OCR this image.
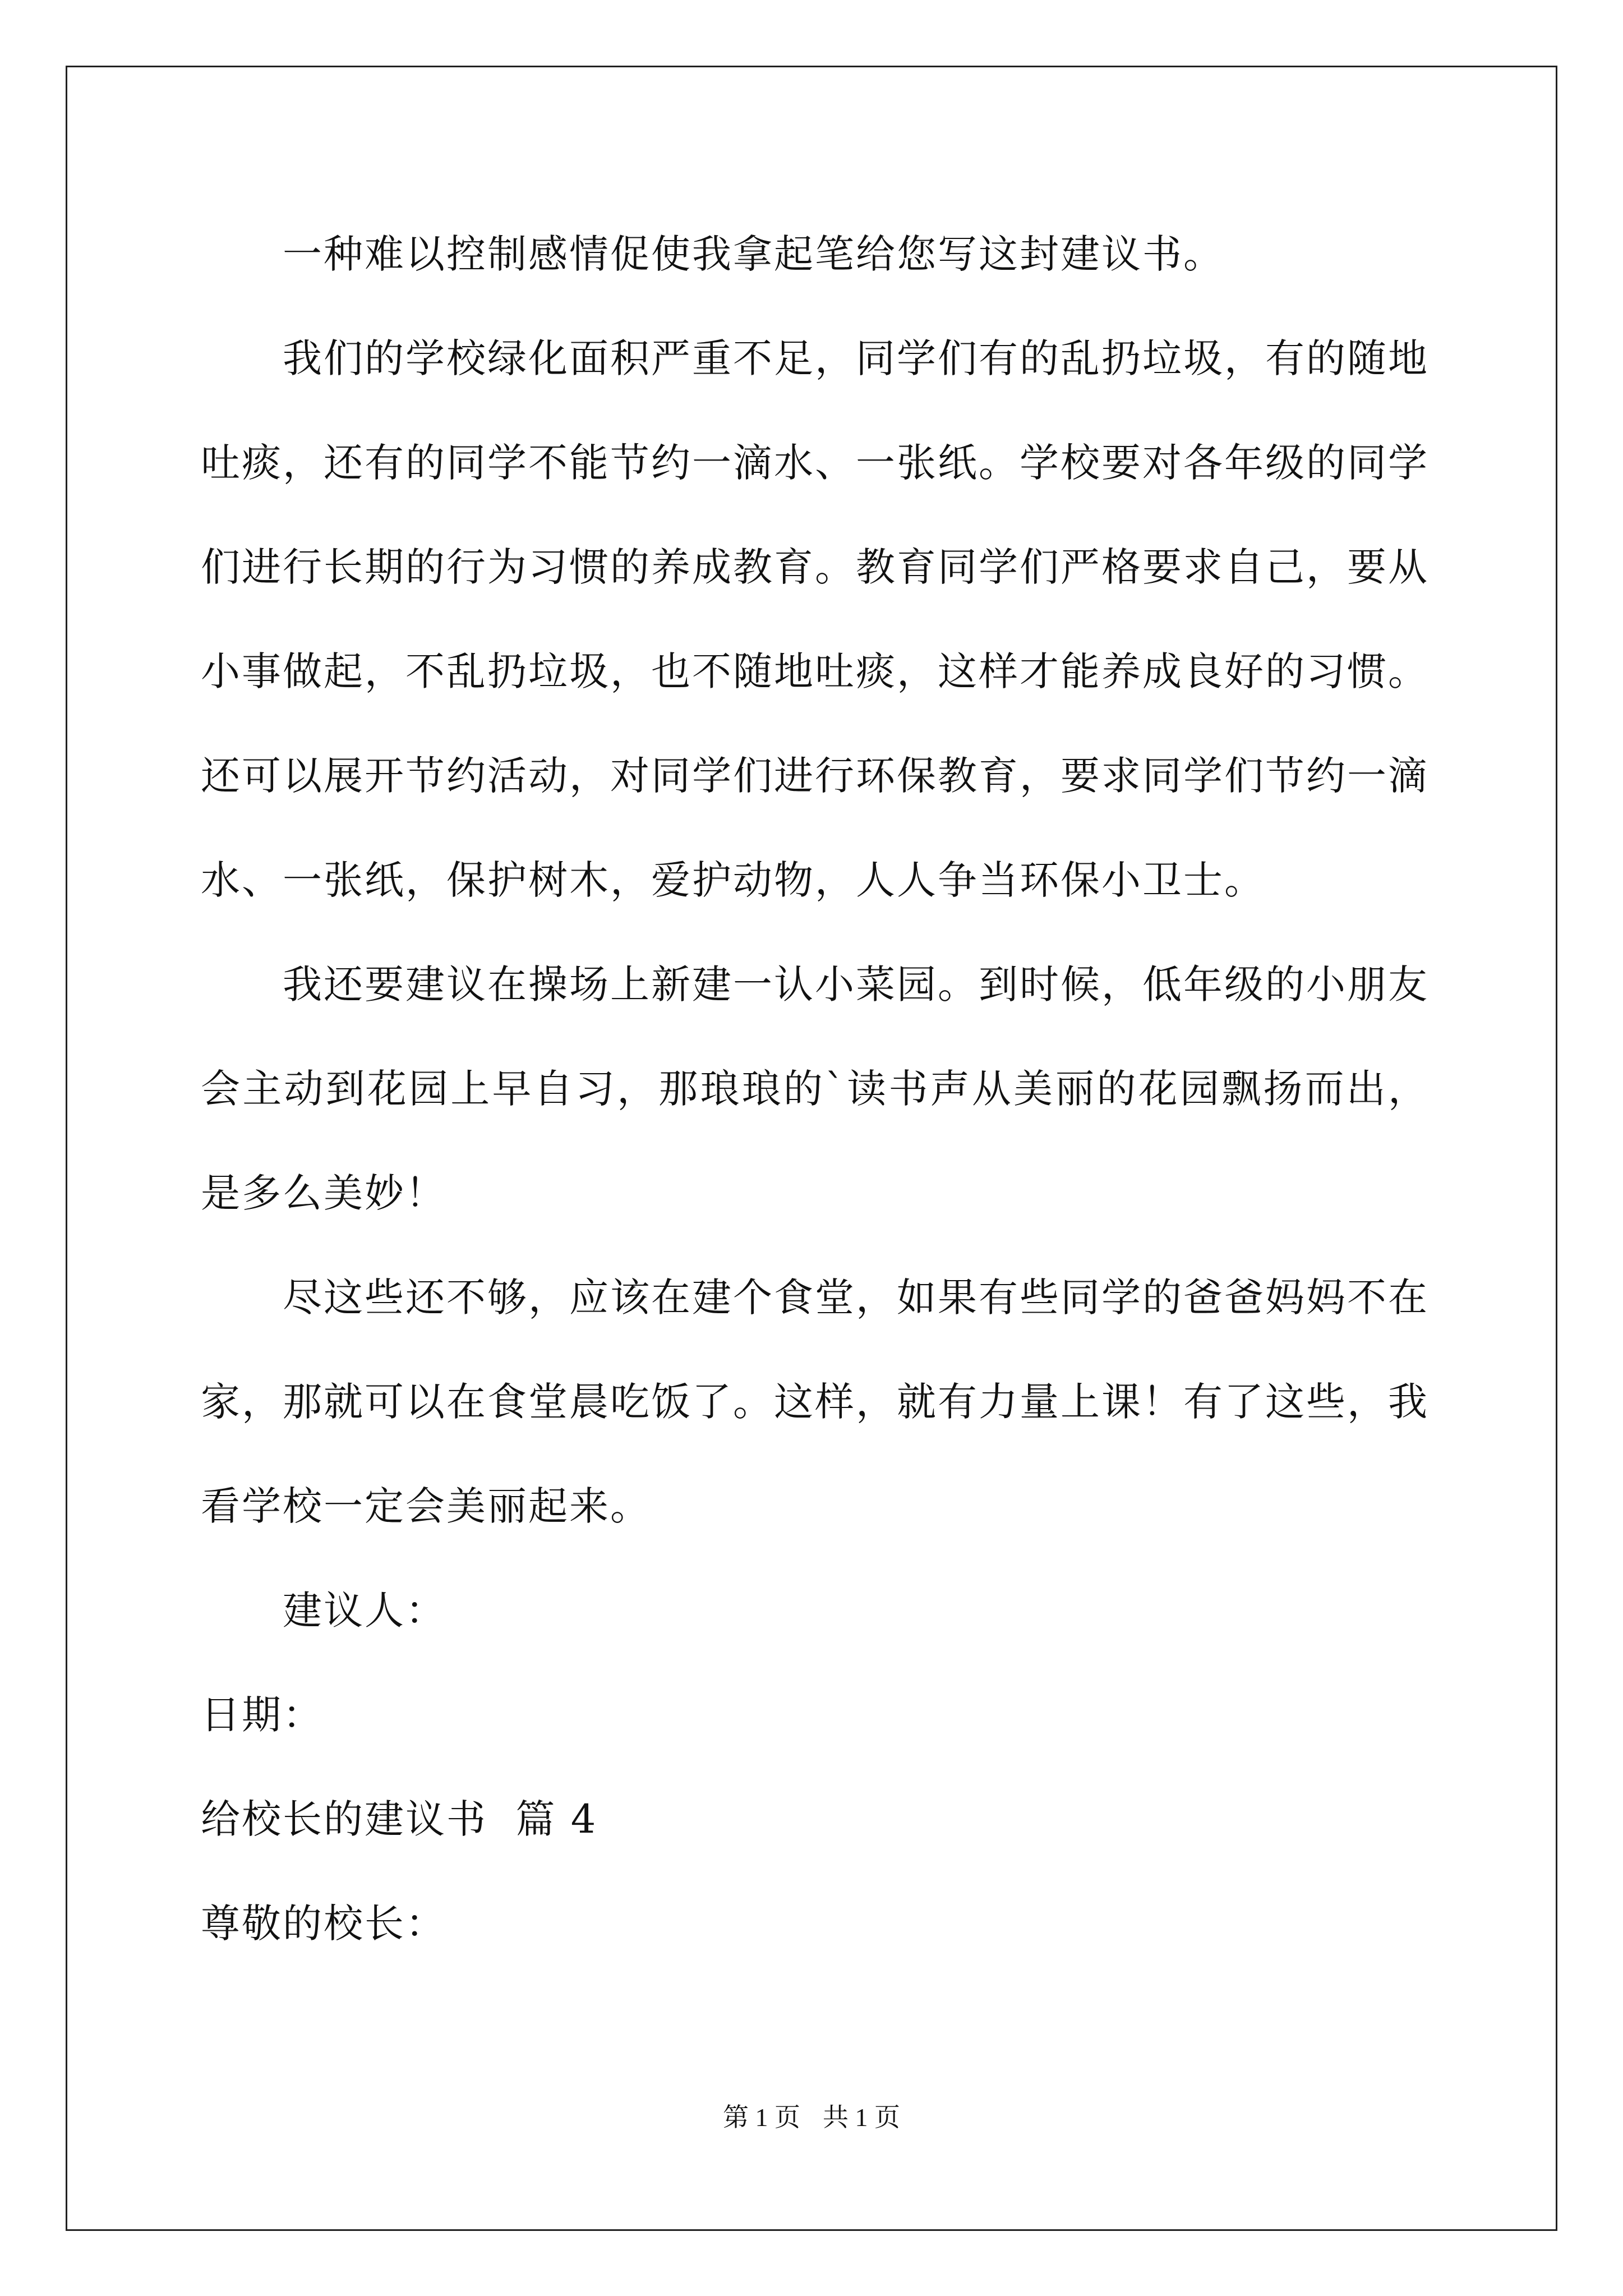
一种难以控制感情促使我拿起笔给您写这封建议书。

我们的学校绿化面积严重不足，同学们有的乱扔垃圾，有的随地吐痰，还有的同学不能节约一滴水、一张纸。学校要对各年级的同学们进行长期的行为习惯的养成教育。教育同学们严格要求自己，要从小事做起，不乱扔垃圾，也不随地吐痰，这样才能养成良好的习惯。还可以展开节约活动，对同学们进行环保教育，要求同学们节约一滴水、一张纸，保护树木，爱护动物，人人争当环保小卫士。

我还要建议在操场上新建一认小菜园。到时候，低年级的小朋友会主动到花园上早自习，那琅琅的`读书声从美丽的花园飘扬而出，是多么美妙！

尽这些还不够，应该在建个食堂，如果有些同学的爸爸妈妈不在家，那就可以在食堂晨吃饭了。这样，就有力量上课！有了这些，我看学校一定会美丽起来。

建议人：

日期：

给校长的建议书  篇 4

尊敬的校长：

第 1 页 共 1 页
